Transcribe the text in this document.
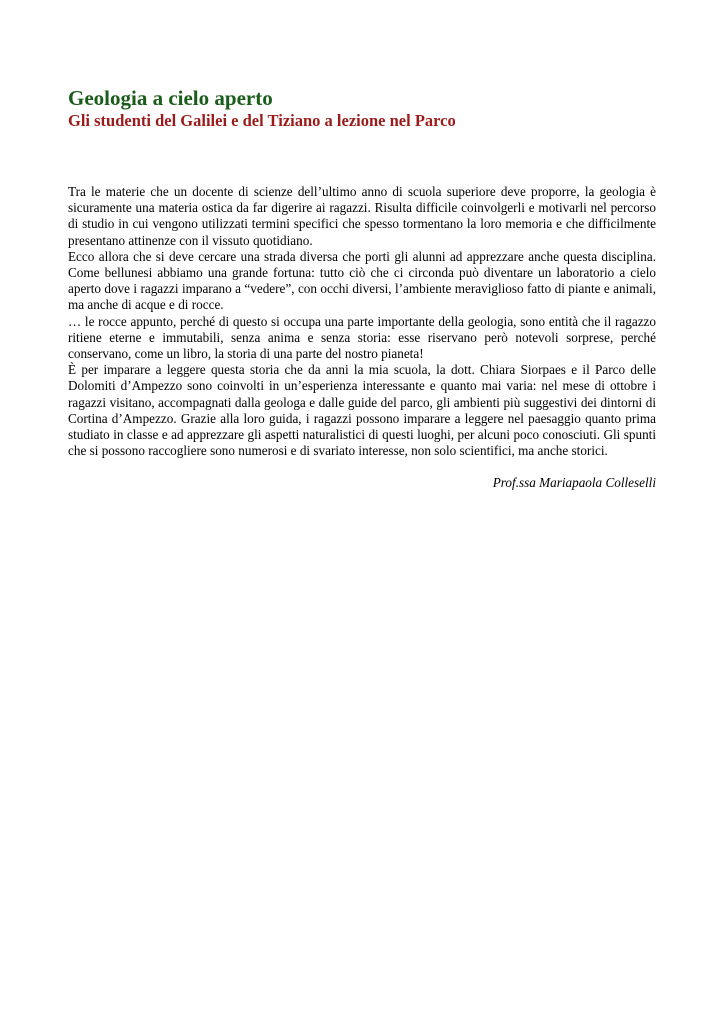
Geologia a cielo aperto
Gli studenti del Galilei e del Tiziano a lezione nel Parco

Tra le materie che un docente di scienze dell’ultimo anno di scuola superiore deve proporre, la geologia è sicuramente una materia ostica da far digerire ai ragazzi. Risulta difficile coinvolgerli e motivarli nel percorso di studio in cui vengono utilizzati termini specifici che spesso tormentano la loro memoria e che difficilmente presentano attinenze con il vissuto quotidiano.

Ecco allora che si deve cercare una strada diversa che porti gli alunni ad apprezzare anche questa disciplina. Come bellunesi abbiamo una grande fortuna: tutto ciò che ci circonda può diventare un laboratorio a cielo aperto dove i ragazzi imparano a “vedere”, con occhi diversi, l’ambiente meraviglioso fatto di piante e animali, ma anche di acque e di rocce.

… le rocce appunto, perché di questo si occupa una parte importante della geologia, sono entità che il ragazzo ritiene eterne e immutabili, senza anima e senza storia: esse riservano però notevoli sorprese, perché conservano, come un libro, la storia di una parte del nostro pianeta!

È per imparare a leggere questa storia che da anni la mia scuola, la dott. Chiara Siorpaes e il Parco delle Dolomiti d’Ampezzo sono coinvolti in un’esperienza interessante e quanto mai varia: nel mese di ottobre i ragazzi visitano, accompagnati dalla geologa e dalle guide del parco, gli ambienti più suggestivi dei dintorni di Cortina d’Ampezzo. Grazie alla loro guida, i ragazzi possono imparare a leggere nel paesaggio quanto prima studiato in classe e ad apprezzare gli aspetti naturalistici di questi luoghi, per alcuni poco conosciuti. Gli spunti che si possono raccogliere sono numerosi e di svariato interesse, non solo scientifici, ma anche storici.

Prof.ssa Mariapaola Colleselli
